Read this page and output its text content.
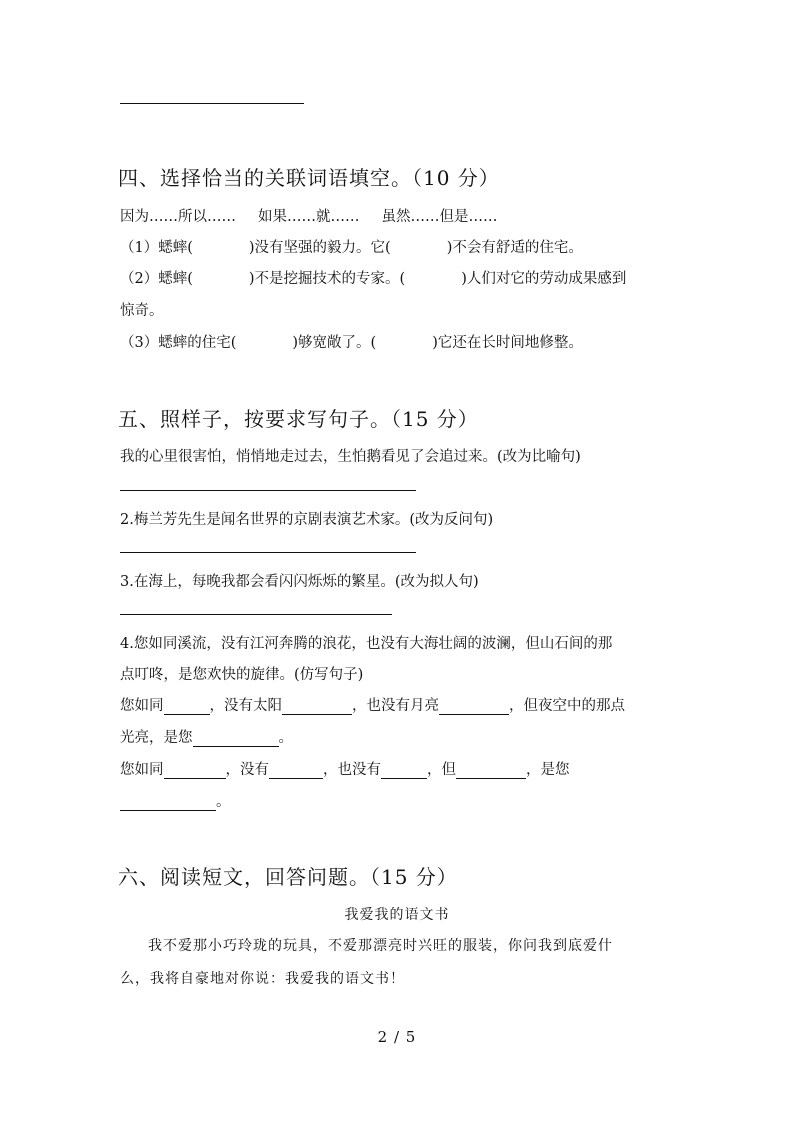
四、选择恰当的关联词语填空。（10 分）
因为……所以…… 如果……就…… 虽然……但是……
（1）蟋蟀(	)没有坚强的毅力。它(	)不会有舒适的住宅。
（2）蟋蟀(	)不是挖掘技术的专家。(	)人们对它的劳动成果感到
惊奇。
（3）蟋蟀的住宅(	)够宽敞了。(	)它还在长时间地修整。
五、照样子，按要求写句子。（15 分）
我的心里很害怕，悄悄地走过去，生怕鹅看见了会追过来。(改为比喻句)
2.梅兰芳先生是闻名世界的京剧表演艺术家。(改为反问句)
3.在海上，每晚我都会看闪闪烁烁的繁星。(改为拟人句)
4.您如同溪流，没有江河奔腾的浪花，也没有大海壮阔的波澜，但山石间的那
点叮咚，是您欢快的旋律。(仿写句子)
您如同	，没有太阳	，也没有月亮	，但夜空中的那点
光亮，是您	。
您如同	，没有	，也没有	，但	，是您
。
六、阅读短文，回答问题。（15 分）
我爱我的语文书
我不爱那小巧玲珑的玩具，不爱那漂亮时兴旺的服装，你问我到底爱什
么，我将自豪地对你说：我爱我的语文书！
2 / 5
